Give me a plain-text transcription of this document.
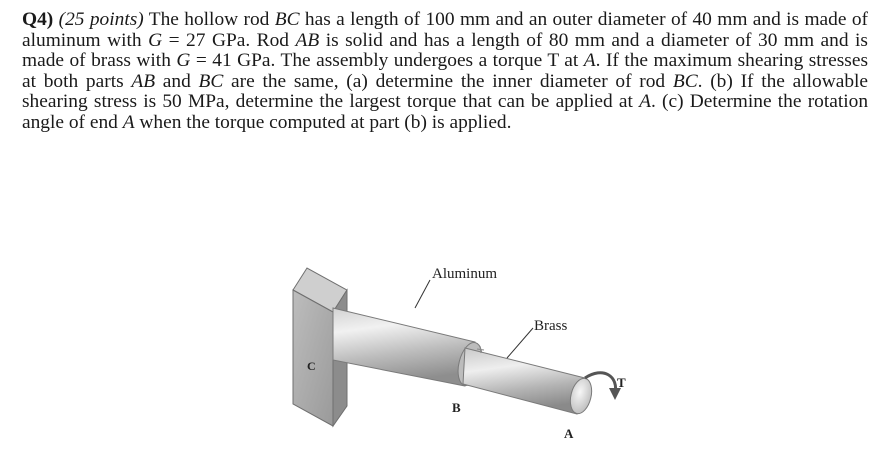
Q4) (25 points) The hollow rod BC has a length of 100 mm and an outer diameter of 40 mm and is made of aluminum with G = 27 GPa. Rod AB is solid and has a length of 80 mm and a diameter of 30 mm and is made of brass with G = 41 GPa. The assembly undergoes a torque T at A. If the maximum shearing stresses at both parts AB and BC are the same, (a) determine the inner diameter of rod BC. (b) If the allowable shearing stress is 50 MPa, determine the largest torque that can be applied at A. (c) Determine the rotation angle of end A when the torque computed at part (b) is applied.

Aluminum
Brass
C
B
A
T
